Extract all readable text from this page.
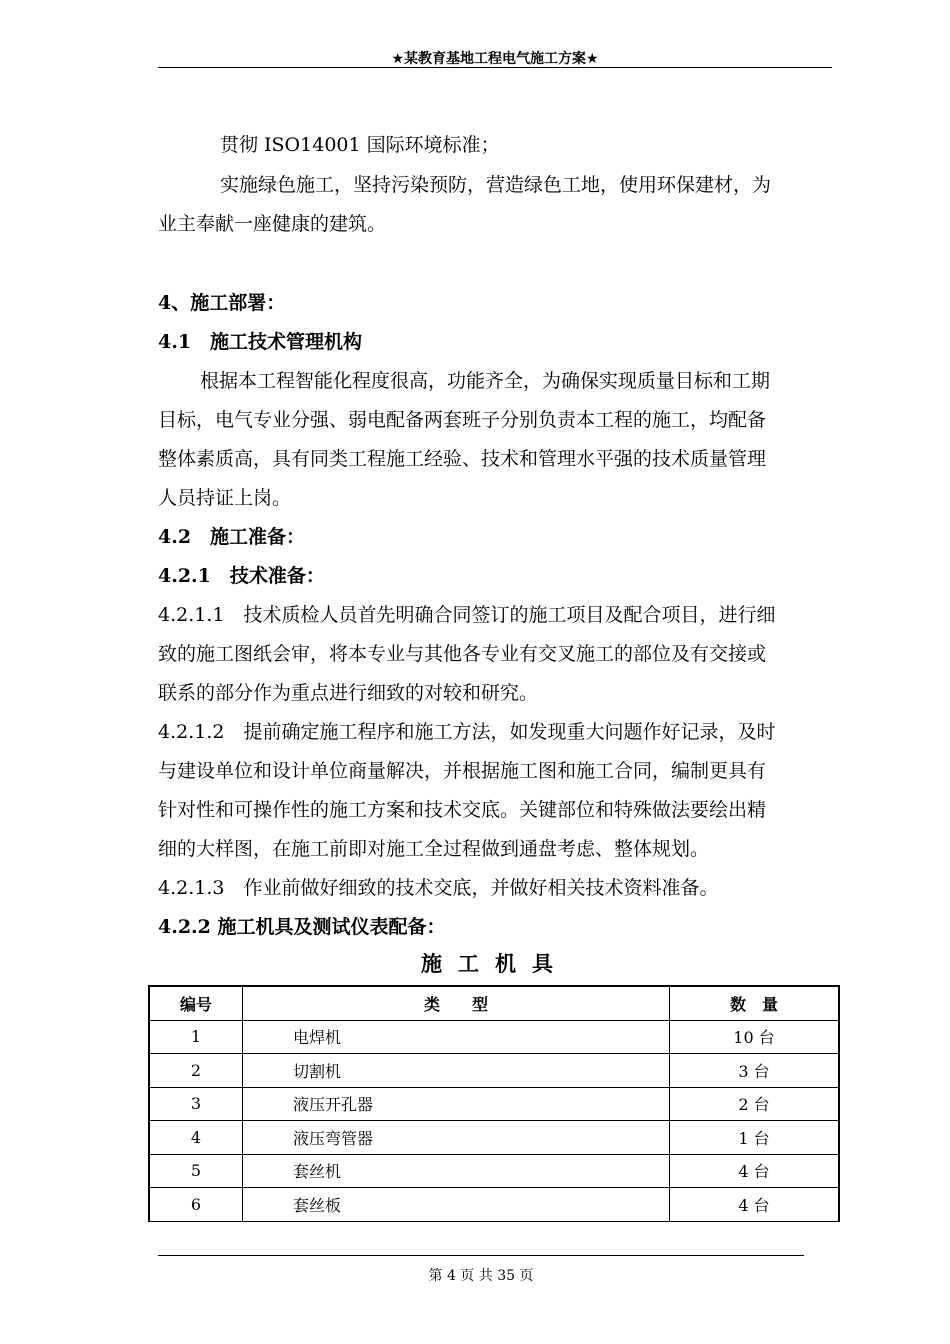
★某教育基地工程电气施工方案★
贯彻 ISO14001 国际环境标准；
实施绿色施工，坚持污染预防，营造绿色工地，使用环保建材，为
业主奉献一座健康的建筑。
4、施工部署：
4.1　施工技术管理机构
根据本工程智能化程度很高，功能齐全，为确保实现质量目标和工期
目标，电气专业分强、弱电配备两套班子分别负责本工程的施工，均配备
整体素质高，具有同类工程施工经验、技术和管理水平强的技术质量管理
人员持证上岗。
4.2　施工准备：
4.2.1　技术准备：
4.2.1.1　技术质检人员首先明确合同签订的施工项目及配合项目，进行细
致的施工图纸会审，将本专业与其他各专业有交叉施工的部位及有交接或
联系的部分作为重点进行细致的对较和研究。
4.2.1.2　提前确定施工程序和施工方法，如发现重大问题作好记录，及时
与建设单位和设计单位商量解决，并根据施工图和施工合同，编制更具有
针对性和可操作性的施工方案和技术交底。关键部位和特殊做法要绘出精
细的大样图，在施工前即对施工全过程做到通盘考虑、整体规划。
4.2.1.3　作业前做好细致的技术交底，并做好相关技术资料准备。
4.2.2 施工机具及测试仪表配备：
施工机具
编号	类　　型	数　量
1	电焊机	10 台
2	切割机	3 台
3	液压开孔器	2 台
4	液压弯管器	1 台
5	套丝机	4 台
6	套丝板	4 台
第 4 页 共 35 页
